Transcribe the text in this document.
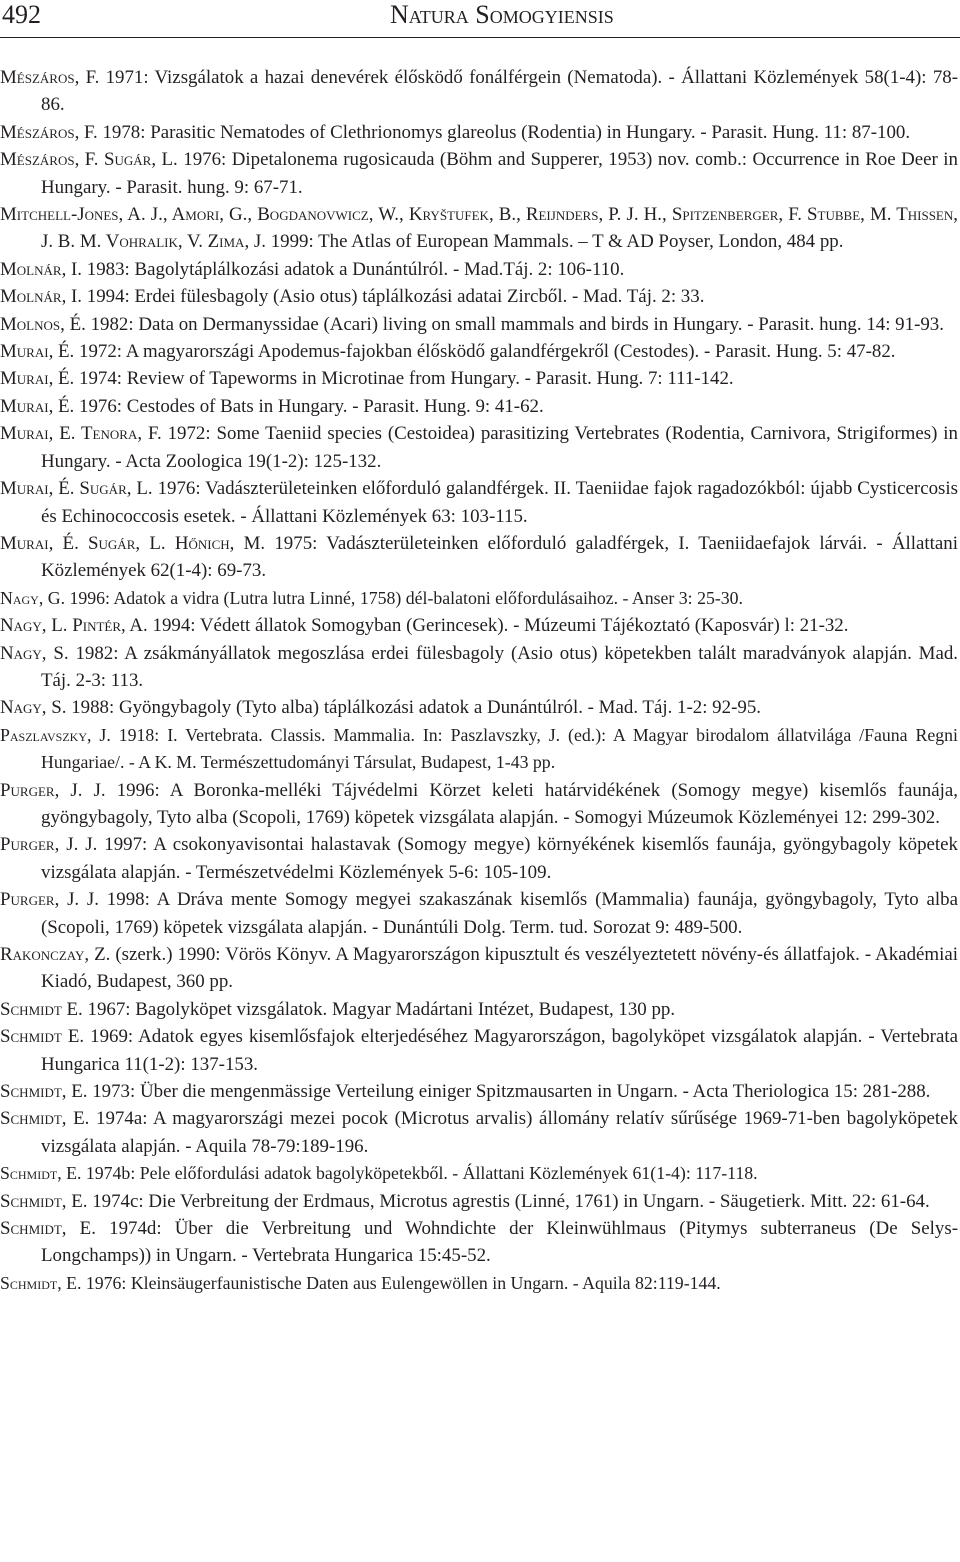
492	Natura Somogyiensis

Mészáros, F. 1971: Vizsgálatok a hazai denevérek élősködő fonálférgein (Nematoda). - Állattani Közlemények 58(1-4): 78-86.

Mészáros, F. 1978: Parasitic Nematodes of Clethrionomys glareolus (Rodentia) in Hungary. - Parasit. Hung. 11: 87-100.

Mészáros, F. Sugár, L. 1976: Dipetalonema rugosicauda (Böhm and Supperer, 1953) nov. comb.: Occurrence in Roe Deer in Hungary. - Parasit. hung. 9: 67-71.

Mitchell-Jones, A. J., Amori, G., Bogdanovwicz, W., Kryštufek, B., Reijnders, P. J. H., Spitzenberger, F. Stubbe, M. Thissen, J. B. M. Vohralik, V. Zima, J. 1999: The Atlas of European Mammals. – T & AD Poyser, London, 484 pp.

Molnár, I. 1983: Bagolytáplálkozási adatok a Dunántúlról. - Mad.Táj. 2: 106-110.

Molnár, I. 1994: Erdei fülesbagoly (Asio otus) táplálkozási adatai Zircből. - Mad. Táj. 2: 33.

Molnos, É. 1982: Data on Dermanyssidae (Acari) living on small mammals and birds in Hungary. - Parasit. hung. 14: 91-93.

Murai, É. 1972: A magyarországi Apodemus-fajokban élősködő galandférgekről (Cestodes). - Parasit. Hung. 5: 47-82.

Murai, É. 1974: Review of Tapeworms in Microtinae from Hungary. - Parasit. Hung. 7: 111-142.

Murai, É. 1976: Cestodes of Bats in Hungary. - Parasit. Hung. 9: 41-62.

Murai, E. Tenora, F. 1972: Some Taeniid species (Cestoidea) parasitizing Vertebrates (Rodentia, Carnivora, Strigiformes) in Hungary. - Acta Zoologica 19(1-2): 125-132.

Murai, É. Sugár, L. 1976: Vadászterületeinken előforduló galandférgek. II. Taeniidae fajok ragadozókból: újabb Cysticercosis és Echinococcosis esetek. - Állattani Közlemények 63: 103-115.

Murai, É. Sugár, L. Hőnich, M. 1975: Vadászterületeinken előforduló galadférgek, I. Taeniidaefajok lárvái. - Állattani Közlemények 62(1-4): 69-73.

Nagy, G. 1996: Adatok a vidra (Lutra lutra Linné, 1758) dél-balatoni előfordulásaihoz. - Anser 3: 25-30.

Nagy, L. Pintér, A. 1994: Védett állatok Somogyban (Gerincesek). - Múzeumi Tájékoztató (Kaposvár) l: 21-32.

Nagy, S. 1982: A zsákmányállatok megoszlása erdei fülesbagoly (Asio otus) köpetekben talált maradványok alapján. Mad. Táj. 2-3: 113.

Nagy, S. 1988: Gyöngybagoly (Tyto alba) táplálkozási adatok a Dunántúlról. - Mad. Táj. 1-2: 92-95.

Paszlavszky, J. 1918: I. Vertebrata. Classis. Mammalia. In: Paszlavszky, J. (ed.): A Magyar birodalom állatvilága /Fauna Regni Hungariae/. - A K. M. Természettudományi Társulat, Budapest, 1-43 pp.

Purger, J. J. 1996: A Boronka-melléki Tájvédelmi Körzet keleti határvidékének (Somogy megye) kisemlős faunája, gyöngybagoly, Tyto alba (Scopoli, 1769) köpetek vizsgálata alapján. - Somogyi Múzeumok Közleményei 12: 299-302.

Purger, J. J. 1997: A csokonyavisontai halastavak (Somogy megye) környékének kisemlős faunája, gyöngybagoly köpetek vizsgálata alapján. - Természetvédelmi Közlemények 5-6: 105-109.

Purger, J. J. 1998: A Dráva mente Somogy megyei szakaszának kisemlős (Mammalia) faunája, gyöngybagoly, Tyto alba (Scopoli, 1769) köpetek vizsgálata alapján. - Dunántúli Dolg. Term. tud. Sorozat 9: 489-500.

Rakonczay, Z. (szerk.) 1990: Vörös Könyv. A Magyarországon kipusztult és veszélyeztetett növény-és állatfajok. - Akadémiai Kiadó, Budapest, 360 pp.

Schmidt E. 1967: Bagolyköpet vizsgálatok. Magyar Madártani Intézet, Budapest, 130 pp.

Schmidt E. 1969: Adatok egyes kisemlősfajok elterjedéséhez Magyarországon, bagolyköpet vizsgálatok alapján. - Vertebrata Hungarica 11(1-2): 137-153.

Schmidt, E. 1973: Über die mengenmässige Verteilung einiger Spitzmausarten in Ungarn. - Acta Theriologica 15: 281-288.

Schmidt, E. 1974a: A magyarországi mezei pocok (Microtus arvalis) állomány relatív sűrűsége 1969-71-ben bagolyköpetek vizsgálata alapján. - Aquila 78-79:189-196.

Schmidt, E. 1974b: Pele előfordulási adatok bagolyköpetekből. - Állattani Közlemények 61(1-4): 117-118.

Schmidt, E. 1974c: Die Verbreitung der Erdmaus, Microtus agrestis (Linné, 1761) in Ungarn. - Säugetierk. Mitt. 22: 61-64.

Schmidt, E. 1974d: Über die Verbreitung und Wohndichte der Kleinwühlmaus (Pitymys subterraneus (De Selys-Longchamps)) in Ungarn. - Vertebrata Hungarica 15:45-52.

Schmidt, E. 1976: Kleinsäugerfaunistische Daten aus Eulengewöllen in Ungarn. - Aquila 82:119-144.
